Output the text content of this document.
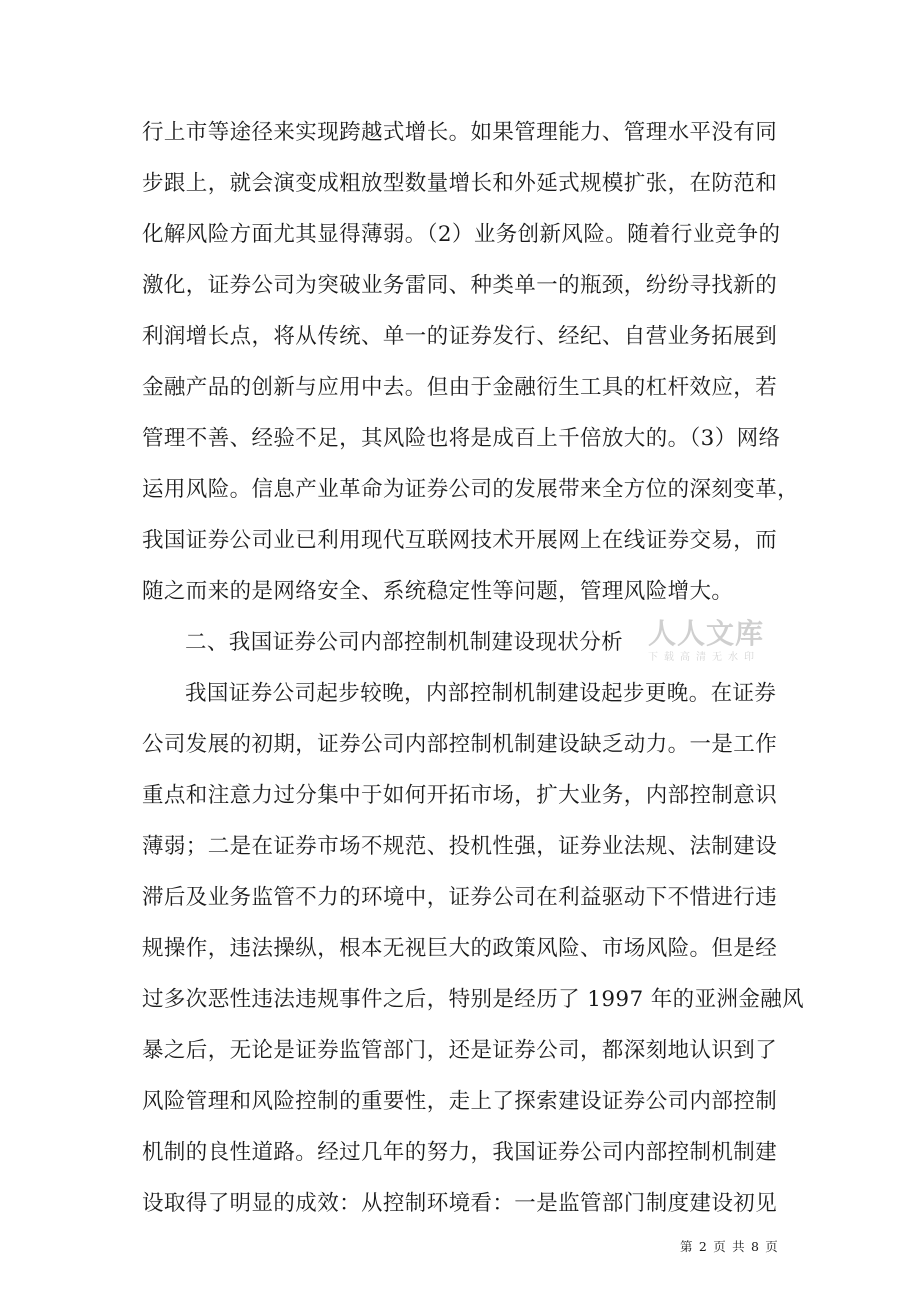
行上市等途径来实现跨越式增长。如果管理能力、管理水平没有同
步跟上，就会演变成粗放型数量增长和外延式规模扩张，在防范和
化解风险方面尤其显得薄弱。（2）业务创新风险。随着行业竞争的
激化，证券公司为突破业务雷同、种类单一的瓶颈，纷纷寻找新的
利润增长点，将从传统、单一的证券发行、经纪、自营业务拓展到
金融产品的创新与应用中去。但由于金融衍生工具的杠杆效应，若
管理不善、经验不足，其风险也将是成百上千倍放大的。（3）网络
运用风险。信息产业革命为证券公司的发展带来全方位的深刻变革，
我国证券公司业已利用现代互联网技术开展网上在线证券交易，而
随之而来的是网络安全、系统稳定性等问题，管理风险增大。
二、我国证券公司内部控制机制建设现状分析
我国证券公司起步较晚，内部控制机制建设起步更晚。在证券
公司发展的初期，证券公司内部控制机制建设缺乏动力。一是工作
重点和注意力过分集中于如何开拓市场，扩大业务，内部控制意识
薄弱；二是在证券市场不规范、投机性强，证券业法规、法制建设
滞后及业务监管不力的环境中，证券公司在利益驱动下不惜进行违
规操作，违法操纵，根本无视巨大的政策风险、市场风险。但是经
过多次恶性违法违规事件之后，特别是经历了 1997 年的亚洲金融风
暴之后，无论是证券监管部门，还是证券公司，都深刻地认识到了
风险管理和风险控制的重要性，走上了探索建设证券公司内部控制
机制的良性道路。经过几年的努力，我国证券公司内部控制机制建
设取得了明显的成效：从控制环境看：一是监管部门制度建设初见
人人文库
下载高清无水印
第 2 页 共 8 页
